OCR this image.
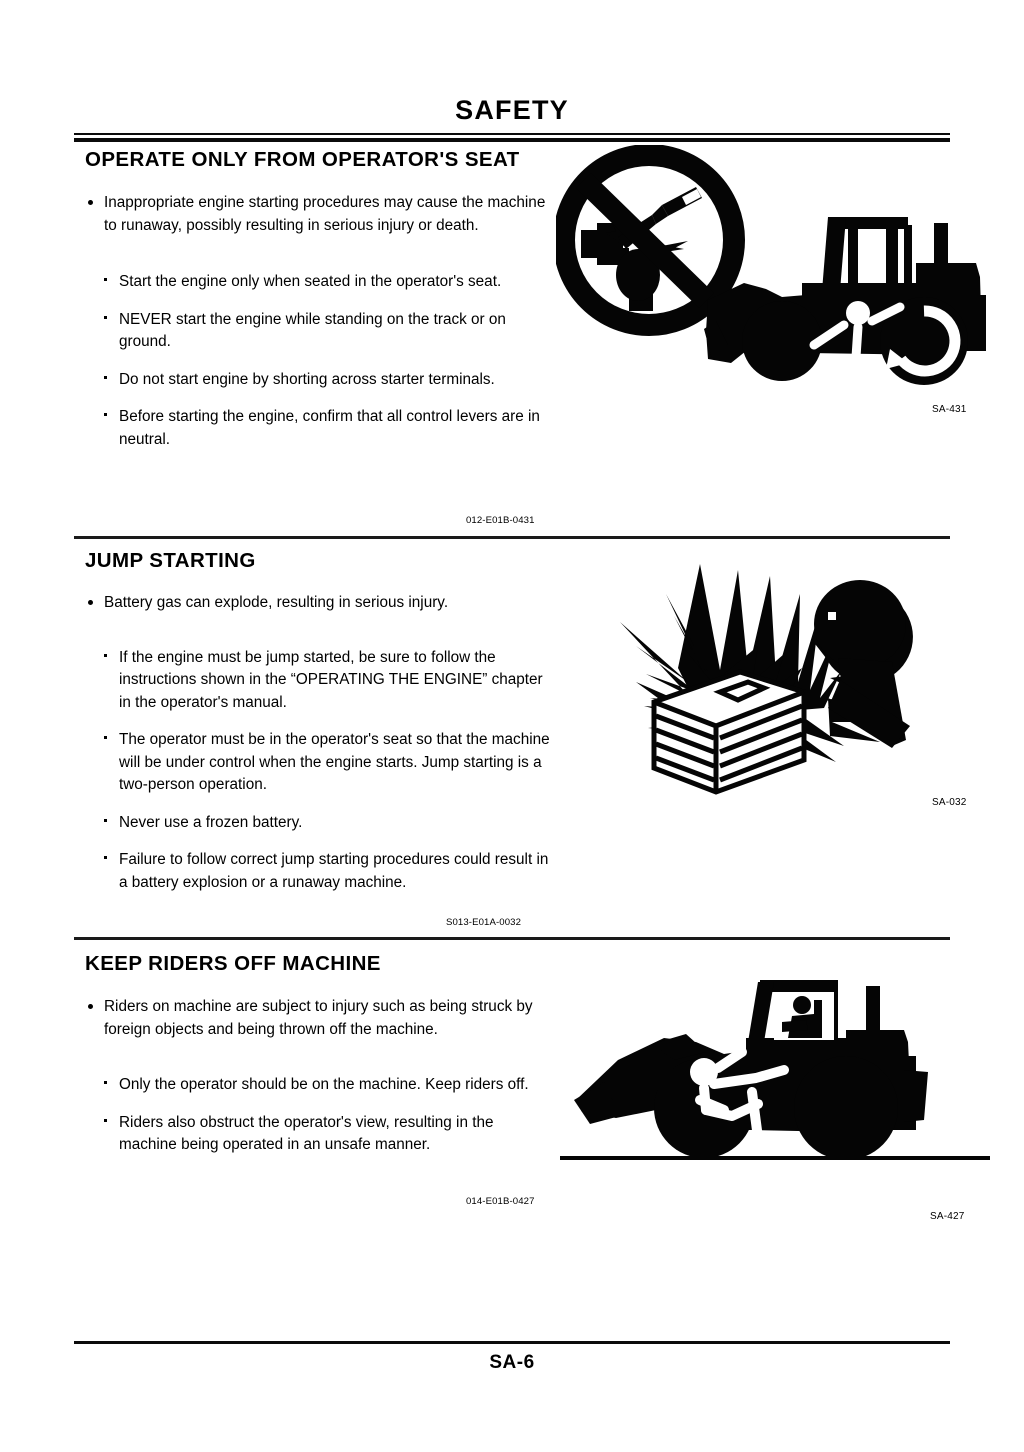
SAFETY
OPERATE ONLY FROM OPERATOR'S SEAT
Inappropriate engine starting procedures may cause the machine to runaway, possibly resulting in serious injury or death.
Start the engine only when seated in the operator's seat.
NEVER start the engine while standing on the track or on ground.
Do not start engine by shorting across starter terminals.
Before starting the engine, confirm that all control levers are in neutral.
012-E01B-0431
SA-431
JUMP STARTING
Battery gas can explode, resulting in serious injury.
If the engine must be jump started, be sure to follow the instructions shown in the “OPERATING THE ENGINE” chapter in the operator's manual.
The operator must be in the operator's seat so that the machine will be under control when the engine starts. Jump starting is a two-person operation.
Never use a frozen battery.
Failure to follow correct jump starting procedures could result in a battery explosion or a runaway machine.
S013-E01A-0032
SA-032
KEEP RIDERS OFF MACHINE
Riders on machine are subject to injury such as being struck by foreign objects and being thrown off the machine.
Only the operator should be on the machine. Keep riders off.
Riders also obstruct the operator's view, resulting in the machine being operated in an unsafe manner.
014-E01B-0427
SA-427
SA-6
